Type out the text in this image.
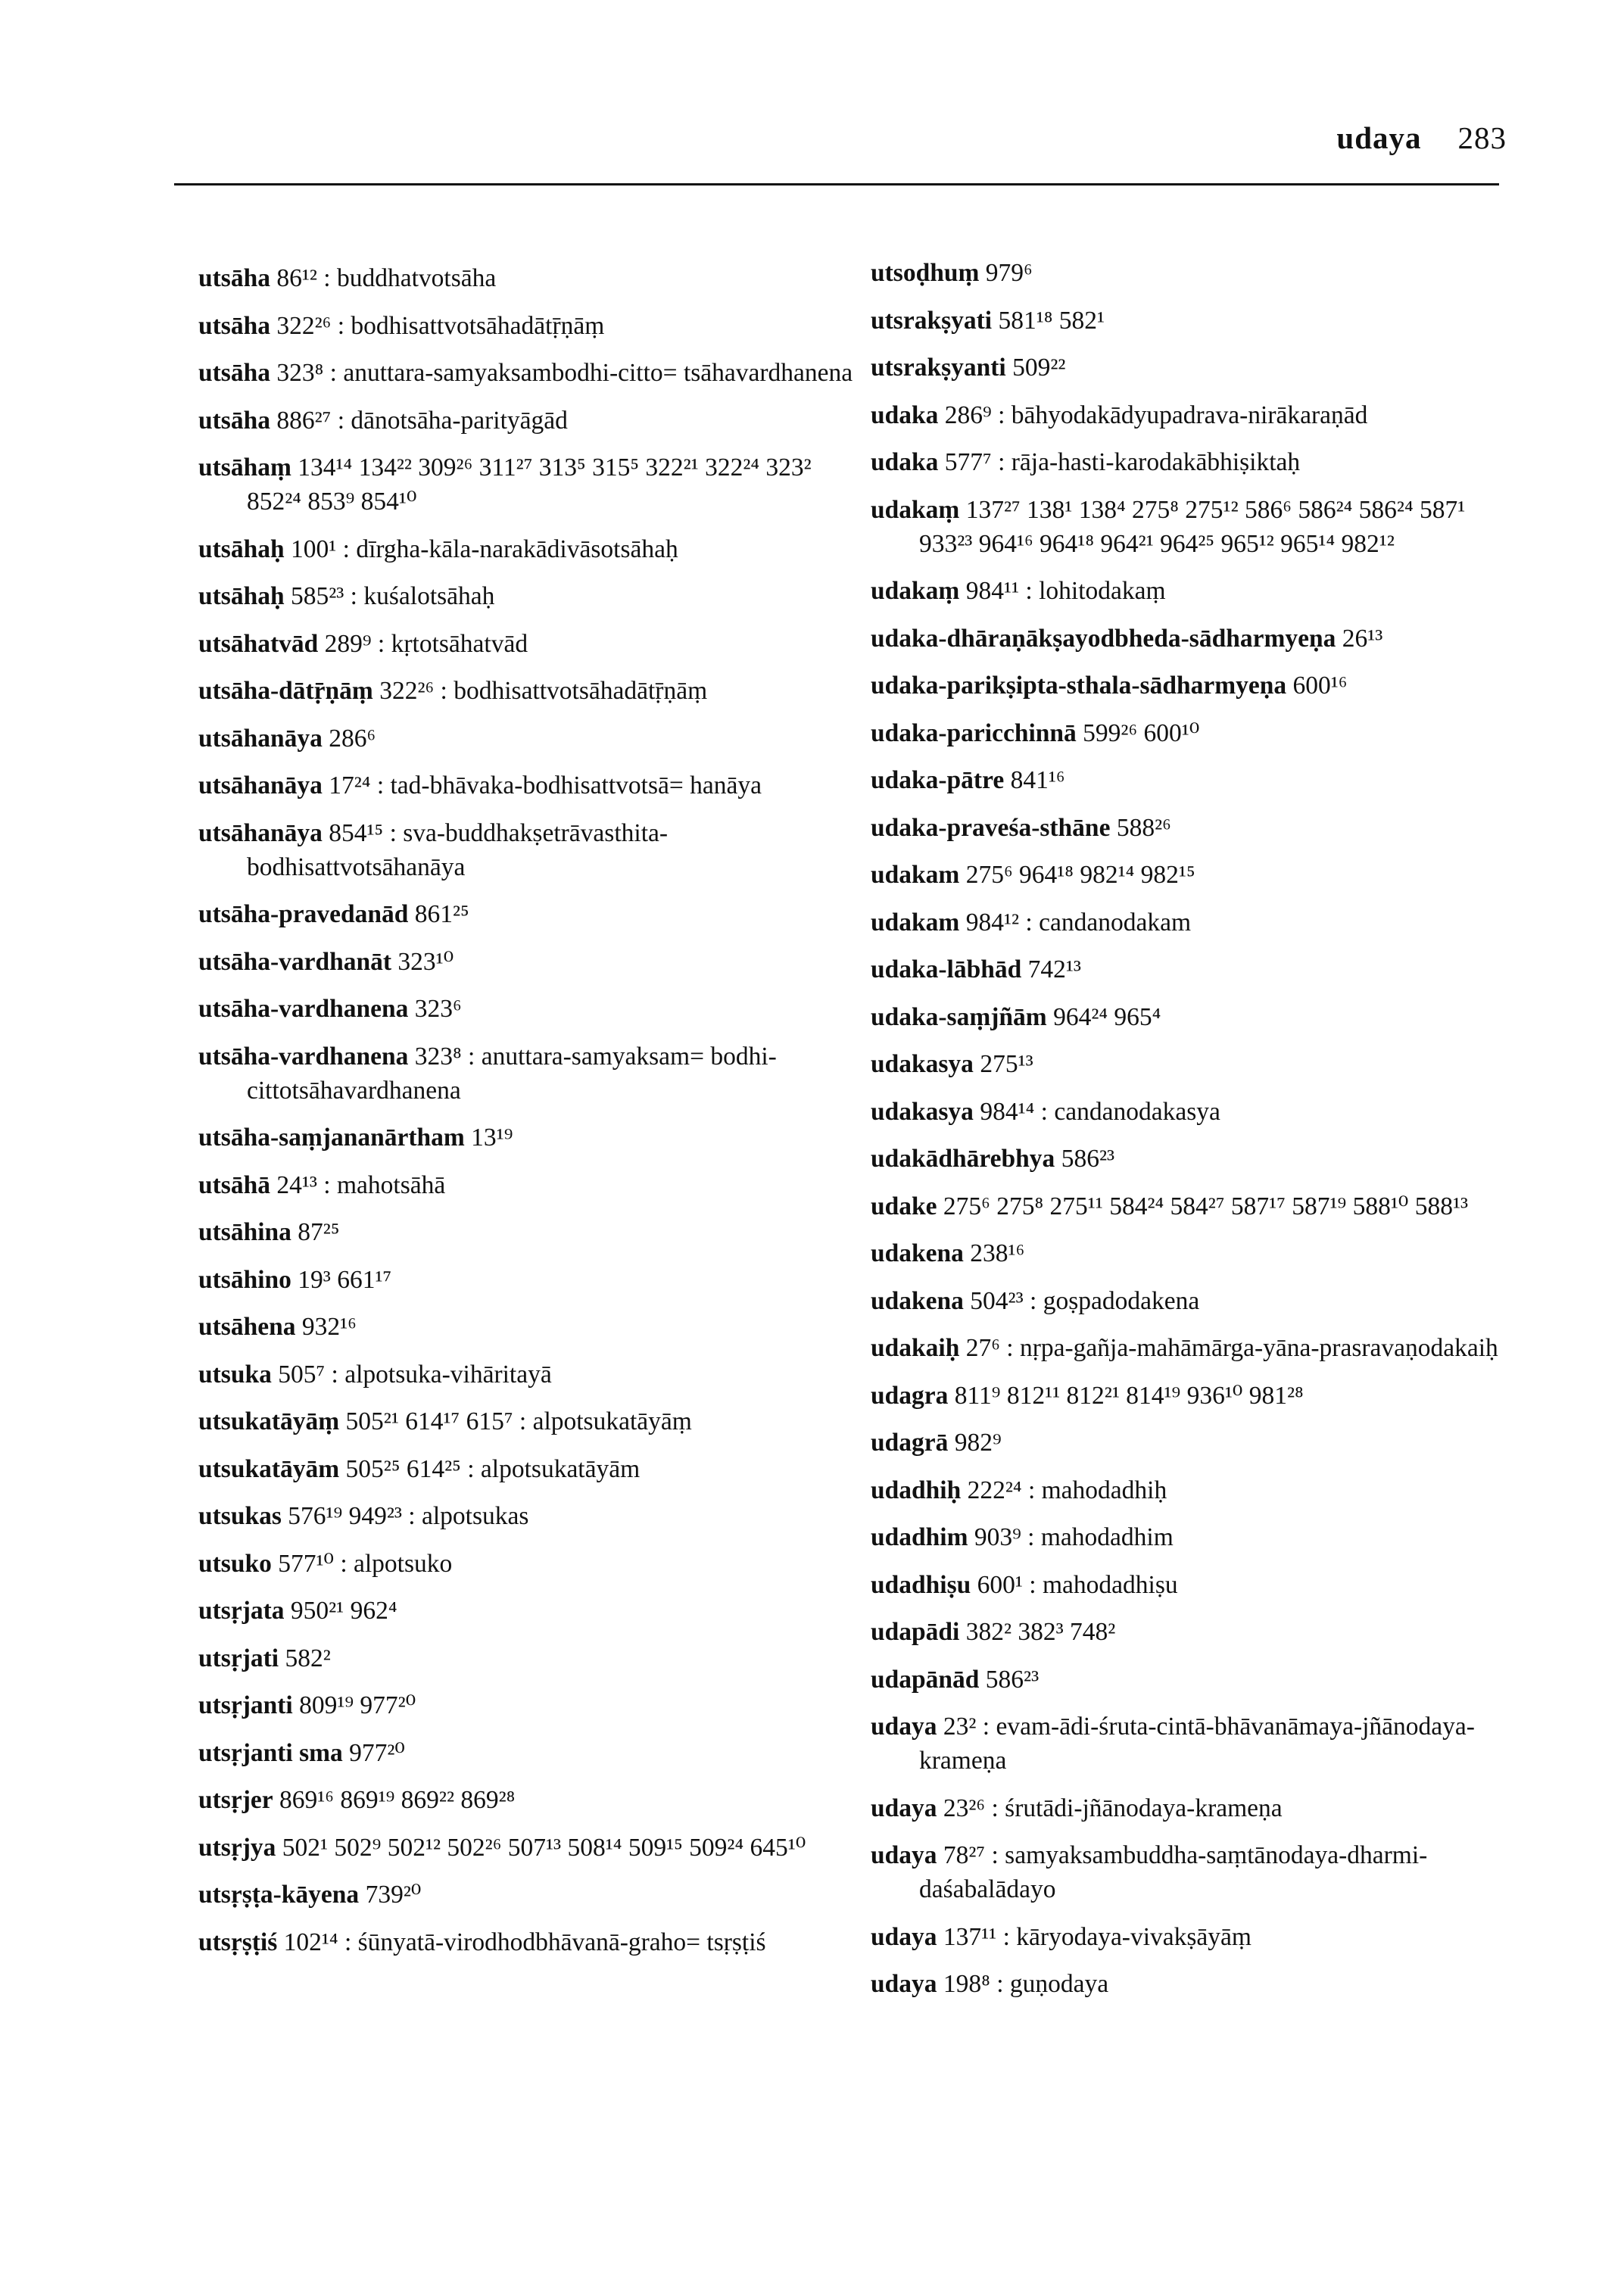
udaya 283
utsāha 86¹² : buddhatvotsāha
utsāha 322²⁶ : bodhisattvotsāhadātṝṇāṃ
utsāha 323⁸ : anuttara-samyaksambodhi-citto= tsāhavardhanena
utsāha 886²⁷ : dānotsāha-parityāgād
utsāhaṃ 134¹⁴ 134²² 309²⁶ 311²⁷ 313⁵ 315⁵ 322²¹ 322²⁴ 323² 852²⁴ 853⁹ 854¹⁰
utsāhaḥ 100¹ : dīrgha-kāla-narakādivāsotsāhaḥ
utsāhaḥ 585²³ : kuśalotsāhaḥ
utsāhatvād 289⁹ : kṛtotsāhatvād
utsāha-dātṝṇāṃ 322²⁶ : bodhisattvotsāhadātṝṇāṃ
utsāhanāya 286⁶
utsāhanāya 17²⁴ : tad-bhāvaka-bodhisattvotsā= hanāya
utsāhanāya 854¹⁵ : sva-buddhakṣetrāvasthita-bodhisattvotsāhanāya
utsāha-pravedanād 861²⁵
utsāha-vardhanāt 323¹⁰
utsāha-vardhanena 323⁶
utsāha-vardhanena 323⁸ : anuttara-samyaksam= bodhi-cittotsāhavardhanena
utsāha-saṃjananārtham 13¹⁹
utsāhā 24¹³ : mahotsāhā
utsāhina 87²⁵
utsāhino 19³ 661¹⁷
utsāhena 932¹⁶
utsuka 505⁷ : alpotsuka-vihāritayā
utsukatāyāṃ 505²¹ 614¹⁷ 615⁷ : alpotsukatāyāṃ
utsukatāyām 505²⁵ 614²⁵ : alpotsukatāyām
utsukas 576¹⁹ 949²³ : alpotsukas
utsuko 577¹⁰ : alpotsuko
utsṛjata 950²¹ 962⁴
utsṛjati 582²
utsṛjanti 809¹⁹ 977²⁰
utsṛjanti sma 977²⁰
utsṛjer 869¹⁶ 869¹⁹ 869²² 869²⁸
utsṛjya 502¹ 502⁹ 502¹² 502²⁶ 507¹³ 508¹⁴ 509¹⁵ 509²⁴ 645¹⁰
utsṛṣṭa-kāyena 739²⁰
utsṛṣṭiś 102¹⁴ : śūnyatā-virodhodbhāvanā-graho= tsṛṣṭiś
utsoḍhuṃ 979⁶
utsrakṣyati 581¹⁸ 582¹
utsrakṣyanti 509²²
udaka 286⁹ : bāhyodakādyupadrava-nirākaraṇād
udaka 577⁷ : rāja-hasti-karodakābhiṣiktaḥ
udakaṃ 137²⁷ 138¹ 138⁴ 275⁸ 275¹² 586⁶ 586²⁴ 586²⁴ 587¹ 933²³ 964¹⁶ 964¹⁸ 964²¹ 964²⁵ 965¹² 965¹⁴ 982¹²
udakaṃ 984¹¹ : lohitodakaṃ
udaka-dhāraṇākṣayodbheda-sādharmyeṇa 26¹³
udaka-parikṣipta-sthala-sādharmyeṇa 600¹⁶
udaka-paricchinnā 599²⁶ 600¹⁰
udaka-pātre 841¹⁶
udaka-praveśa-sthāne 588²⁶
udakam 275⁶ 964¹⁸ 982¹⁴ 982¹⁵
udakam 984¹² : candanodakam
udaka-lābhād 742¹³
udaka-saṃjñām 964²⁴ 965⁴
udakasya 275¹³
udakasya 984¹⁴ : candanodakasya
udakādhārebhya 586²³
udake 275⁶ 275⁸ 275¹¹ 584²⁴ 584²⁷ 587¹⁷ 587¹⁹ 588¹⁰ 588¹³
udakena 238¹⁶
udakena 504²³ : goṣpadodakena
udakaiḥ 27⁶ : nṛpa-gañja-mahāmārga-yāna-prasravaṇodakaiḥ
udagra 811⁹ 812¹¹ 812²¹ 814¹⁹ 936¹⁰ 981²⁸
udagrā 982⁹
udadhiḥ 222²⁴ : mahodadhiḥ
udadhim 903⁹ : mahodadhim
udadhiṣu 600¹ : mahodadhiṣu
udapādi 382² 382³ 748²
udapānād 586²³
udaya 23² : evam-ādi-śruta-cintā-bhāvanāmaya-jñānodaya-krameṇa
udaya 23²⁶ : śrutādi-jñānodaya-krameṇa
udaya 78²⁷ : samyaksambuddha-saṃtānodaya-dharmi-daśabalādayo
udaya 137¹¹ : kāryodaya-vivakṣāyāṃ
udaya 198⁸ : guṇodaya
